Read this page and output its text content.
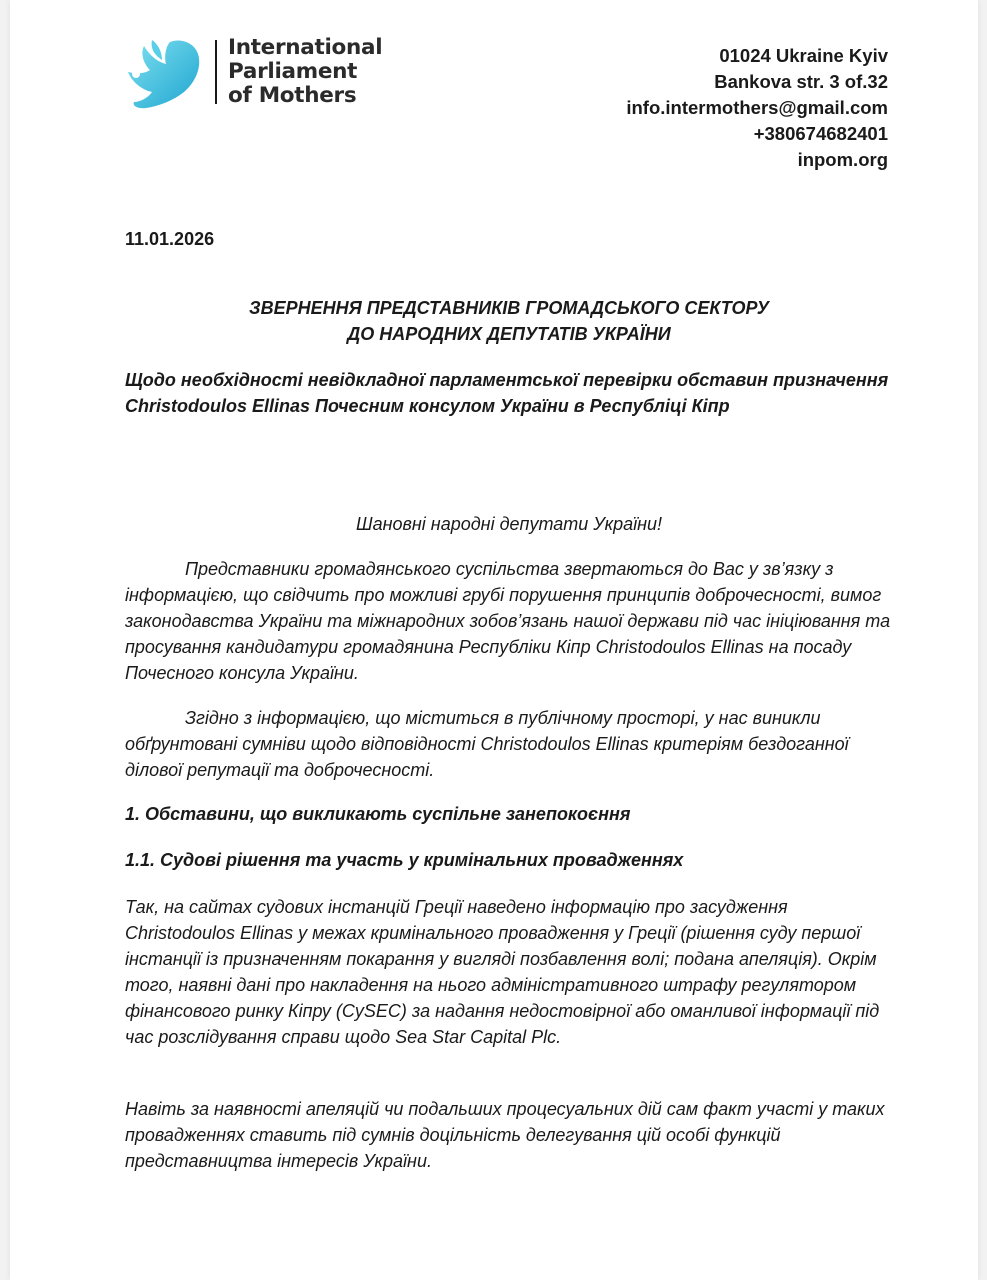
International
Parliament
of Mothers
01024 Ukraine Kyiv
Bankova str. 3 of.32
info.intermothers@gmail.com
+380674682401
inpom.org
11.01.2026
ЗВЕРНЕННЯ ПРЕДСТАВНИКІВ ГРОМАДСЬКОГО СЕКТОРУ
ДО НАРОДНИХ ДЕПУТАТІВ УКРАЇНИ
Щодо необхідності невідкладної парламентської перевірки обставин призначення Christodoulos Ellinas Почесним консулом України в Республіці Кіпр
Шановні народні депутати України!
Представники громадянського суспільства звертаються до Вас у зв’язку з інформацією, що свідчить про можливі грубі порушення принципів доброчесності, вимог законодавства України та міжнародних зобов’язань нашої держави під час ініціювання та просування кандидатури громадянина Республіки Кіпр Christodoulos Ellinas на посаду Почесного консула України.
Згідно з інформацією, що міститься в публічному просторі, у нас виникли обґрунтовані сумніви щодо відповідності Christodoulos Ellinas критеріям бездоганної ділової репутації та доброчесності.
1. Обставини, що викликають суспільне занепокоєння
1.1. Судові рішення та участь у кримінальних провадженнях
Так, на сайтах судових інстанцій Греції наведено інформацію про засудження Christodoulos Ellinas у межах кримінального провадження у Греції (рішення суду першої інстанції із призначенням покарання у вигляді позбавлення волі; подана апеляція). Окрім того, наявні дані про накладення на нього адміністративного штрафу регулятором фінансового ринку Кіпру (CySEC) за надання недостовірної або оманливої інформації під час розслідування справи щодо Sea Star Capital Plc.
Навіть за наявності апеляцій чи подальших процесуальних дій сам факт участі у таких провадженнях ставить під сумнів доцільність делегування цій особі функцій представництва інтересів України.
